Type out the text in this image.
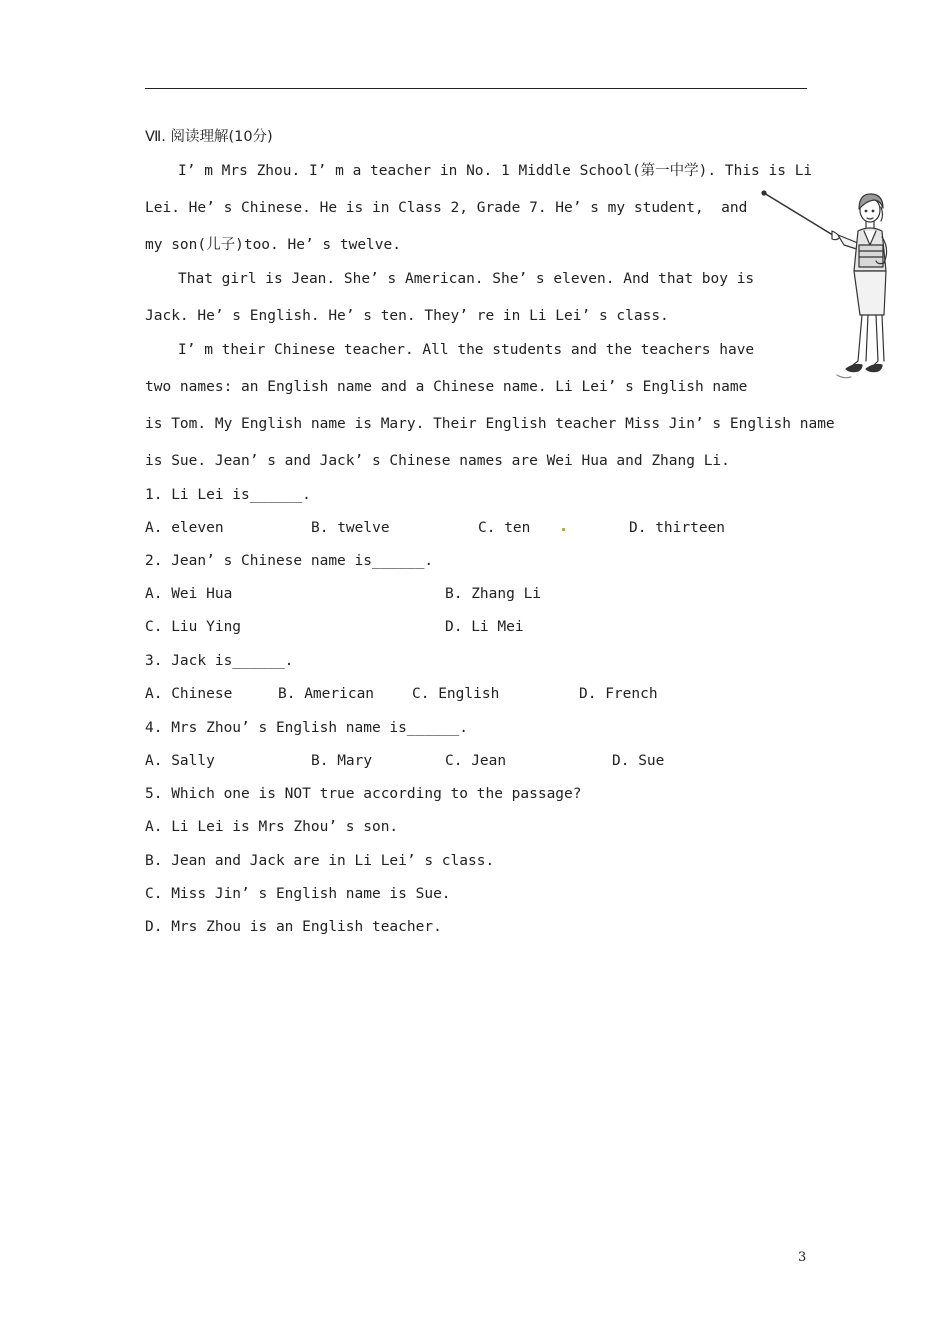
Ⅶ. 阅读理解(10分)
I’ m Mrs Zhou. I’ m a teacher in No. 1 Middle School(第一中学). This is Li
Lei. He’ s Chinese. He is in Class 2, Grade 7. He’ s my student,  and
my son(儿子)too. He’ s twelve.
That girl is Jean. She’ s American. She’ s eleven. And that boy is
Jack. He’ s English. He’ s ten. They’ re in Li Lei’ s class.
I’ m their Chinese teacher. All the students and the teachers have
two names: an English name and a Chinese name. Li Lei’ s English name
is Tom. My English name is Mary. Their English teacher Miss Jin’ s English name
is Sue. Jean’ s and Jack’ s Chinese names are Wei Hua and Zhang Li.
1. Li Lei is______.
A. eleven	B. twelve	C. ten	D. thirteen
2. Jean’ s Chinese name is______.
A. Wei Hua	B. Zhang Li
C. Liu Ying	D. Li Mei
3. Jack is______.
A. Chinese	B. American	C. English	D. French
4. Mrs Zhou’ s English name is______.
A. Sally	B. Mary	C. Jean	D. Sue
5. Which one is NOT true according to the passage?
A. Li Lei is Mrs Zhou’ s son.
B. Jean and Jack are in Li Lei’ s class.
C. Miss Jin’ s English name is Sue.
D. Mrs Zhou is an English teacher.
3
